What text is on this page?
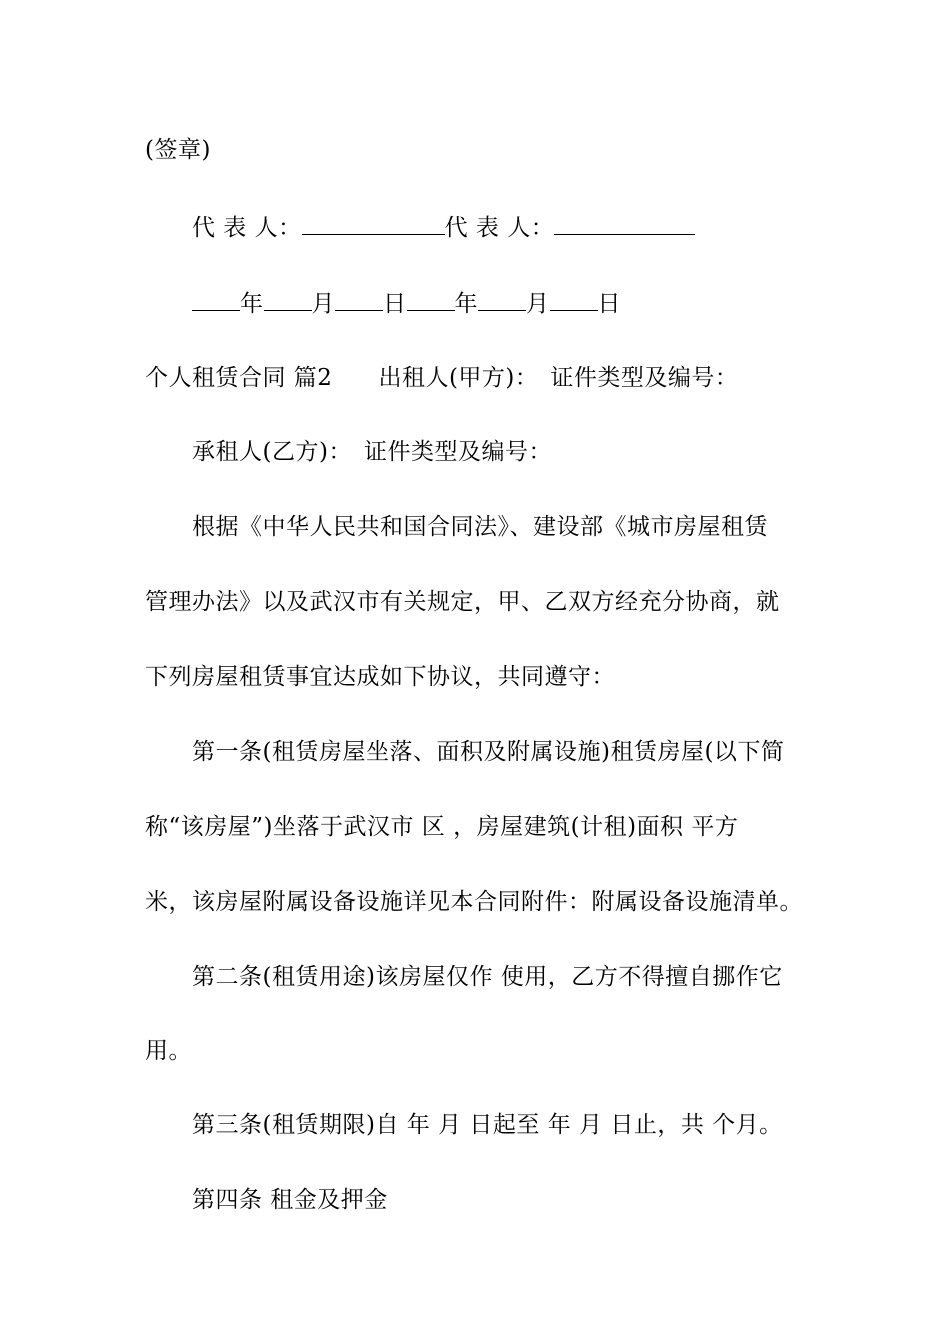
(签章)
代 表 人：	代 表 人：
年 月 日 年 月 日
个人租赁合同 篇2 出租人(甲方)：　证件类型及编号：
承租人(乙方)：　证件类型及编号：
根据《中华人民共和国合同法》、建设部《城市房屋租赁
管理办法》以及武汉市有关规定，甲、乙双方经充分协商，就
下列房屋租赁事宜达成如下协议，共同遵守：
第一条(租赁房屋坐落、面积及附属设施)租赁房屋(以下简
称“该房屋”)坐落于武汉市 区 ，房屋建筑(计租)面积 平方
米，该房屋附属设备设施详见本合同附件：附属设备设施清单。
第二条(租赁用途)该房屋仅作 使用，乙方不得擅自挪作它
用。
第三条(租赁期限)自 年 月 日起至 年 月 日止，共 个月。
第四条 租金及押金
